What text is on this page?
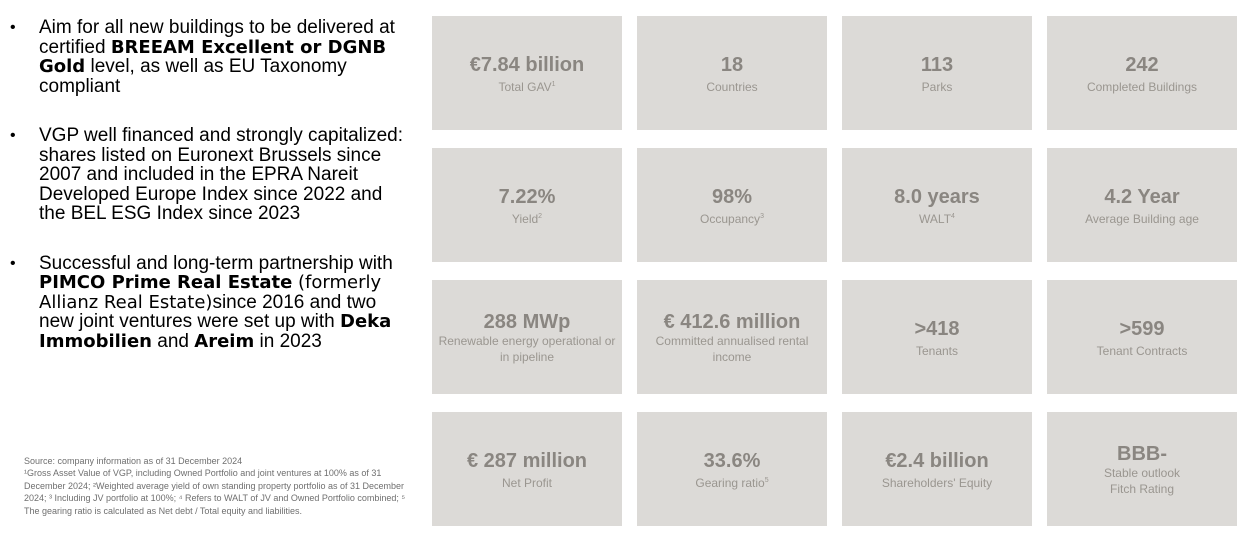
• Aim for all new buildings to be delivered at certified BREEAM Excellent or DGNB Gold level, as well as EU Taxonomy compliant
• VGP well financed and strongly capitalized: shares listed on Euronext Brussels since 2007 and included in the EPRA Nareit Developed Europe Index since 2022 and the BEL ESG Index since 2023
• Successful and long-term partnership with PIMCO Prime Real Estate (formerly Allianz Real Estate)since 2016 and two new joint ventures were set up with Deka Immobilien and Areim in 2023
Source: company information as of 31 December 2024
¹Gross Asset Value of VGP, including Owned Portfolio and joint ventures at 100% as of 31 December 2024; ²Weighted average yield of own standing property portfolio as of 31 December 2024; ³ Including JV portfolio at 100%; ⁴ Refers to WALT of JV and Owned Portfolio combined; ⁵ The gearing ratio is calculated as Net debt / Total equity and liabilities.
€7.84 billion
Total GAV$^1$
18
Countries
113
Parks
242
Completed Buildings
7.22%
Yield$^2$
98%
Occupancy$^3$
8.0 years
WALT$^4$
4.2 Year
Average Building age
288 MWp
Renewable energy operational or in pipeline
€ 412.6 million
Committed annualised rental income
>418
Tenants
>599
Tenant Contracts
€ 287 million
Net Profit
33.6%
Gearing ratio$^5$
€2.4 billion
Shareholders' Equity
BBB-
Stable outlook
Fitch Rating
